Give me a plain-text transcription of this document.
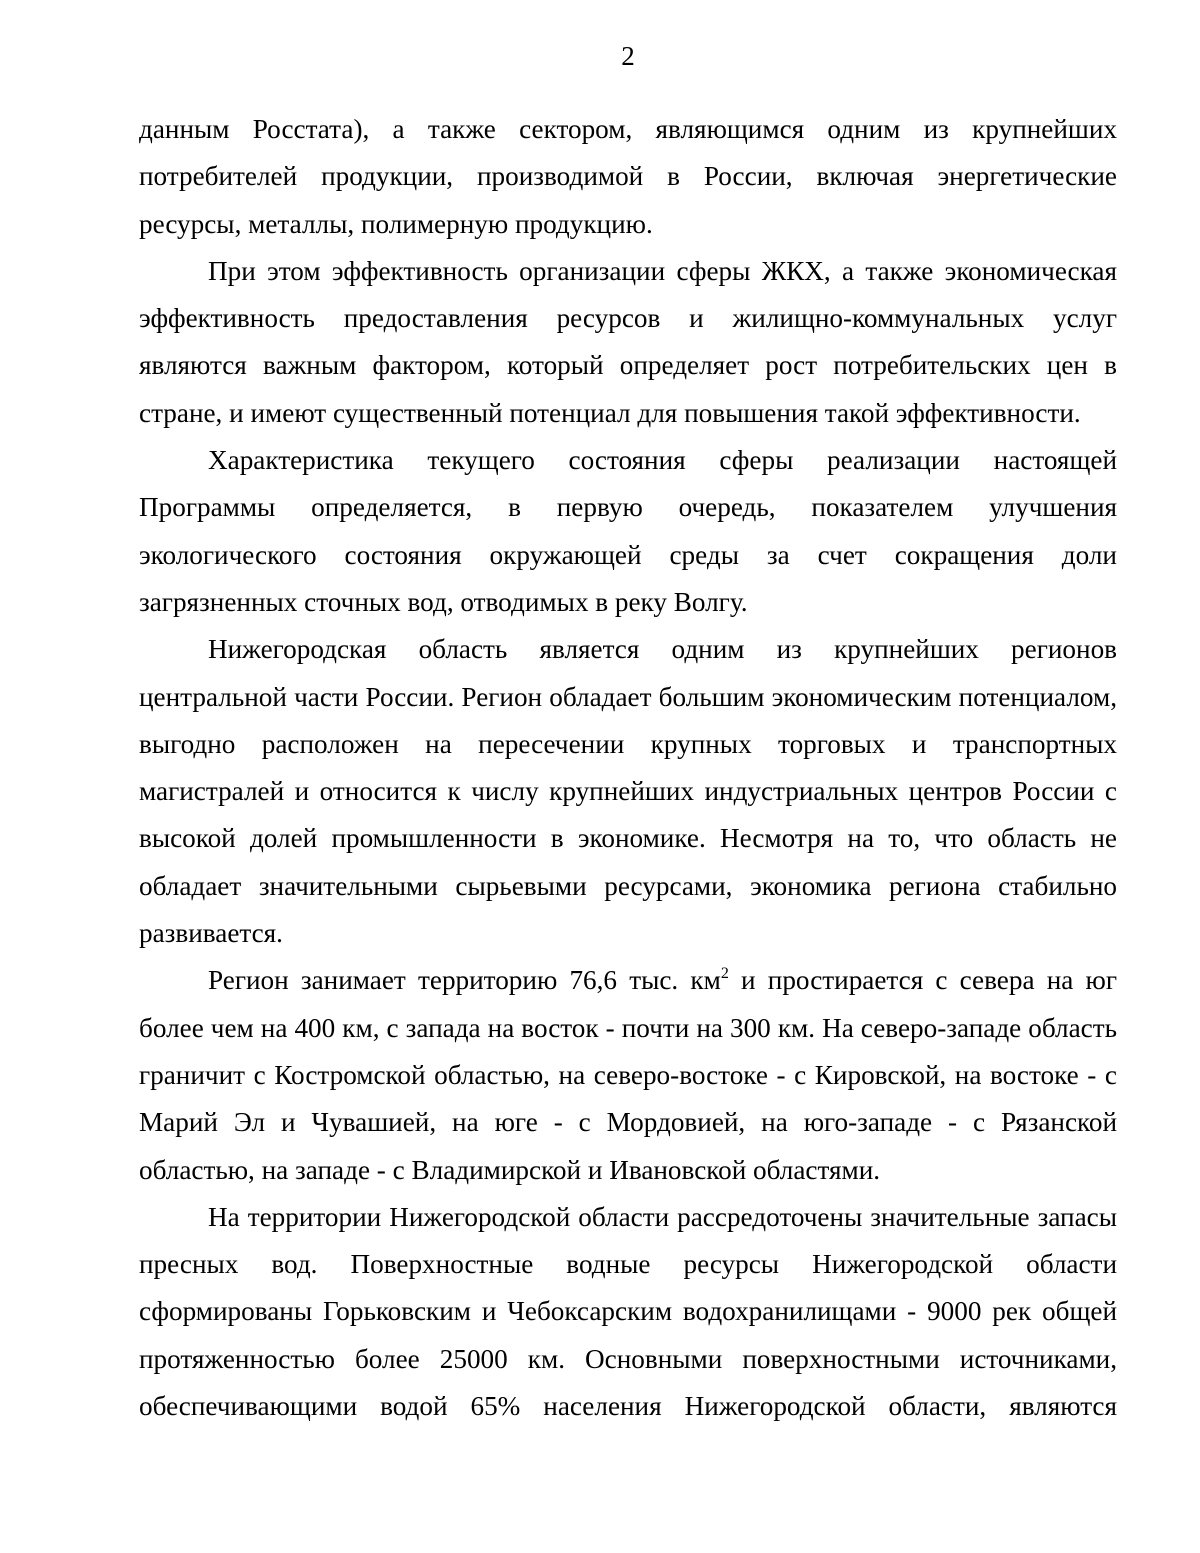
2

данным Росстата), а также сектором, являющимся одним из крупнейших потребителей продукции, производимой в России, включая энергетические ресурсы, металлы, полимерную продукцию.

При этом эффективность организации сферы ЖКХ, а также экономическая эффективность предоставления ресурсов и жилищно-коммунальных услуг являются важным фактором, который определяет рост потребительских цен в стране, и имеют существенный потенциал для повышения такой эффективности.

Характеристика текущего состояния сферы реализации настоящей Программы определяется, в первую очередь, показателем улучшения экологического состояния окружающей среды за счет сокращения доли загрязненных сточных вод, отводимых в реку Волгу.

Нижегородская область является одним из крупнейших регионов центральной части России. Регион обладает большим экономическим потенциалом, выгодно расположен на пересечении крупных торговых и транспортных магистралей и относится к числу крупнейших индустриальных центров России с высокой долей промышленности в экономике. Несмотря на то, что область не обладает значительными сырьевыми ресурсами, экономика региона стабильно развивается.

Регион занимает территорию 76,6 тыс. $км^2$ и простирается с севера на юг более чем на 400 км, с запада на восток - почти на 300 км. На северо-западе область граничит с Костромской областью, на северо-востоке - с Кировской, на востоке - с Марий Эл и Чувашией, на юге - с Мордовией, на юго-западе - с Рязанской областью, на западе - с Владимирской и Ивановской областями.

На территории Нижегородской области рассредоточены значительные запасы пресных вод. Поверхностные водные ресурсы Нижегородской области сформированы Горьковским и Чебоксарским водохранилищами - 9000 рек общей протяженностью более 25000 км. Основными поверхностными источниками, обеспечивающими водой 65% населения Нижегородской области, являются
